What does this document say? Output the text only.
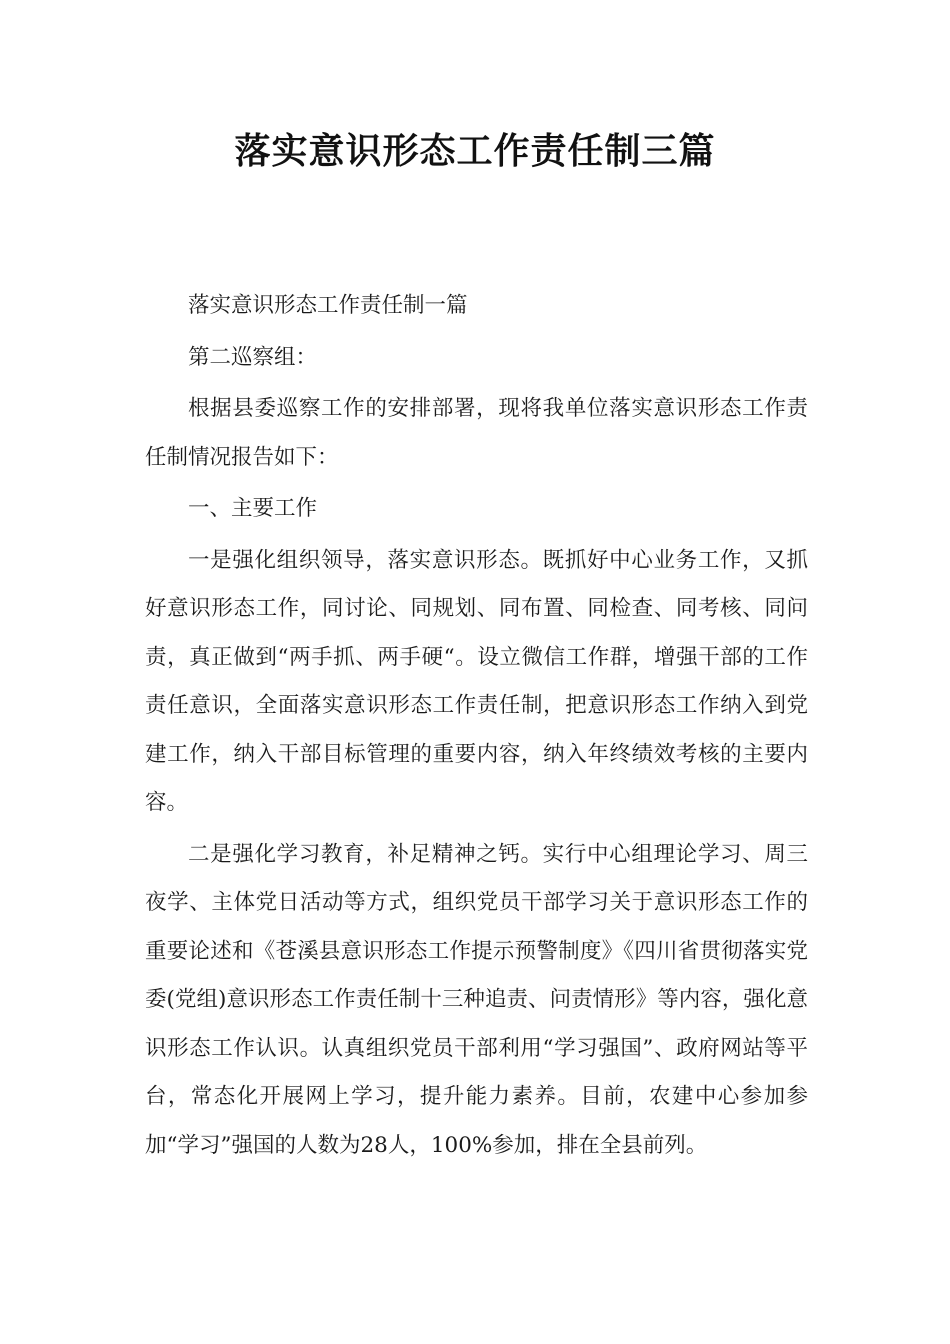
落实意识形态工作责任制三篇

落实意识形态工作责任制一篇

第二巡察组：

根据县委巡察工作的安排部署，现将我单位落实意识形态工作责任制情况报告如下：

一、主要工作

一是强化组织领导，落实意识形态。既抓好中心业务工作，又抓好意识形态工作，同讨论、同规划、同布置、同检查、同考核、同问责，真正做到“两手抓、两手硬“。设立微信工作群，增强干部的工作责任意识，全面落实意识形态工作责任制，把意识形态工作纳入到党建工作，纳入干部目标管理的重要内容，纳入年终绩效考核的主要内容。

二是强化学习教育，补足精神之钙。实行中心组理论学习、周三夜学、主体党日活动等方式，组织党员干部学习关于意识形态工作的重要论述和《苍溪县意识形态工作提示预警制度》《四川省贯彻落实党委(党组)意识形态工作责任制十三种追责、问责情形》等内容，强化意识形态工作认识。认真组织党员干部利用“学习强国”、政府网站等平台，常态化开展网上学习，提升能力素养。目前，农建中心参加参加“学习”强国的人数为28人，100%参加，排在全县前列。
